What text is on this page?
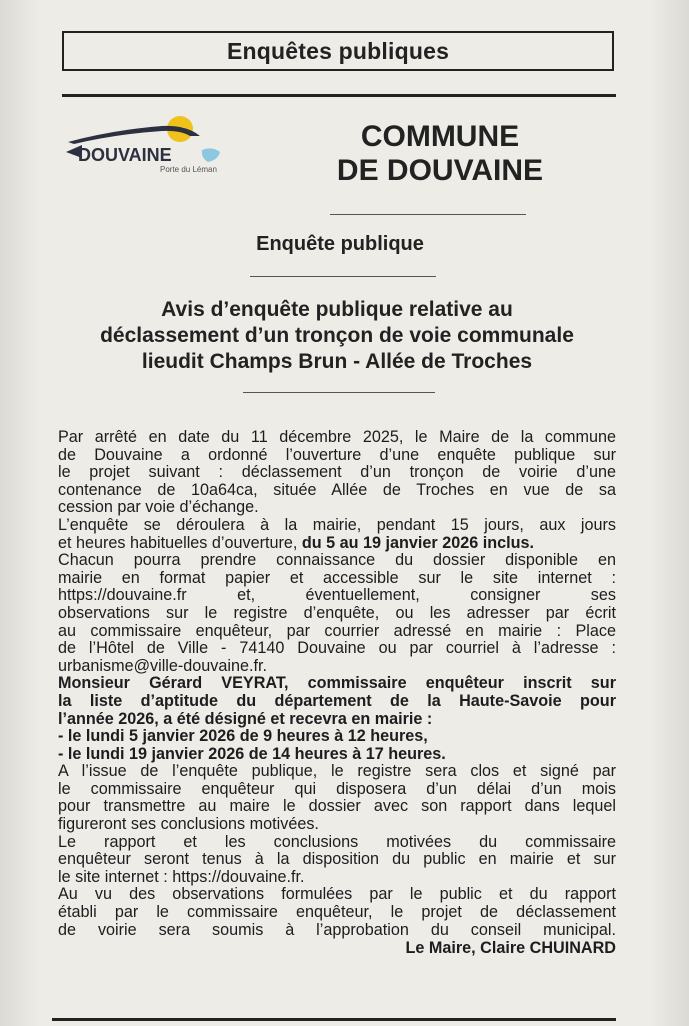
Enquêtes publiques
DOUVAINE
Porte du Léman
COMMUNE
DE DOUVAINE
Enquête publique
Avis d’enquête publique relative au
déclassement d’un tronçon de voie communale
lieudit Champs Brun - Allée de Troches
Par arrêté en date du 11 décembre 2025, le Maire de la commune
de Douvaine a ordonné l’ouverture d’une enquête publique sur
le projet suivant : déclassement d’un tronçon de voirie d’une
contenance de 10a64ca, située Allée de Troches en vue de sa
cession par voie d’échange.
L’enquête se déroulera à la mairie, pendant 15 jours, aux jours
et heures habituelles d’ouverture, du 5 au 19 janvier 2026 inclus.
Chacun pourra prendre connaissance du dossier disponible en
mairie en format papier et accessible sur le site internet :
https://douvaine.fr et, éventuellement, consigner ses
observations sur le registre d’enquête, ou les adresser par écrit
au commissaire enquêteur, par courrier adressé en mairie : Place
de l’Hôtel de Ville - 74140 Douvaine ou par courriel à l’adresse :
urbanisme@ville-douvaine.fr.
Monsieur Gérard VEYRAT, commissaire enquêteur inscrit sur
la liste d’aptitude du département de la Haute-Savoie pour
l’année 2026, a été désigné et recevra en mairie :
- le lundi 5 janvier 2026 de 9 heures à 12 heures,
- le lundi 19 janvier 2026 de 14 heures à 17 heures.
A l’issue de l’enquête publique, le registre sera clos et signé par
le commissaire enquêteur qui disposera d’un délai d’un mois
pour transmettre au maire le dossier avec son rapport dans lequel
figureront ses conclusions motivées.
Le rapport et les conclusions motivées du commissaire
enquêteur seront tenus à la disposition du public en mairie et sur
le site internet : https://douvaine.fr.
Au vu des observations formulées par le public et du rapport
établi par le commissaire enquêteur, le projet de déclassement
de voirie sera soumis à l’approbation du conseil municipal.
Le Maire, Claire CHUINARD
